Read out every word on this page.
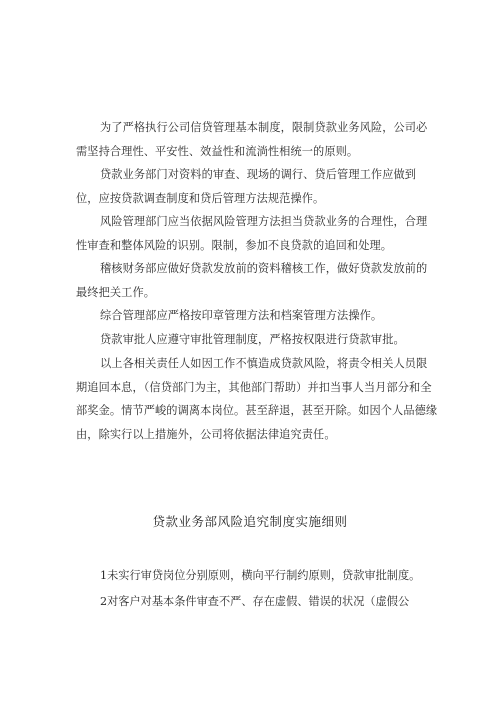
为了严格执行公司信贷管理基本制度，限制贷款业务风险，公司必需坚持合理性、平安性、效益性和流淌性相统一的原则。

贷款业务部门对资料的审查、现场的调行、贷后管理工作应做到位，应按贷款调查制度和贷后管理方法规范操作。

风险管理部门应当依据风险管理方法担当贷款业务的合理性，合理性审查和整体风险的识别。限制，参加不良贷款的追回和处理。

稽核财务部应做好贷款发放前的资料稽核工作，做好贷款发放前的最终把关工作。

综合管理部应严格按印章管理方法和档案管理方法操作。

贷款审批人应遵守审批管理制度，严格按权限进行贷款审批。

以上各相关责任人如因工作不慎造成贷款风险，将责令相关人员限期追回本息，（信贷部门为主，其他部门帮助）并扣当事人当月部分和全部奖金。情节严峻的调离本岗位。甚至辞退，甚至开除。如因个人品德缘由，除实行以上措施外，公司将依据法律追究责任。

贷款业务部风险追究制度实施细则

1未实行审贷岗位分别原则，横向平行制约原则，贷款审批制度。

2对客户对基本条件审查不严、存在虚假、错误的状况（虚假公
